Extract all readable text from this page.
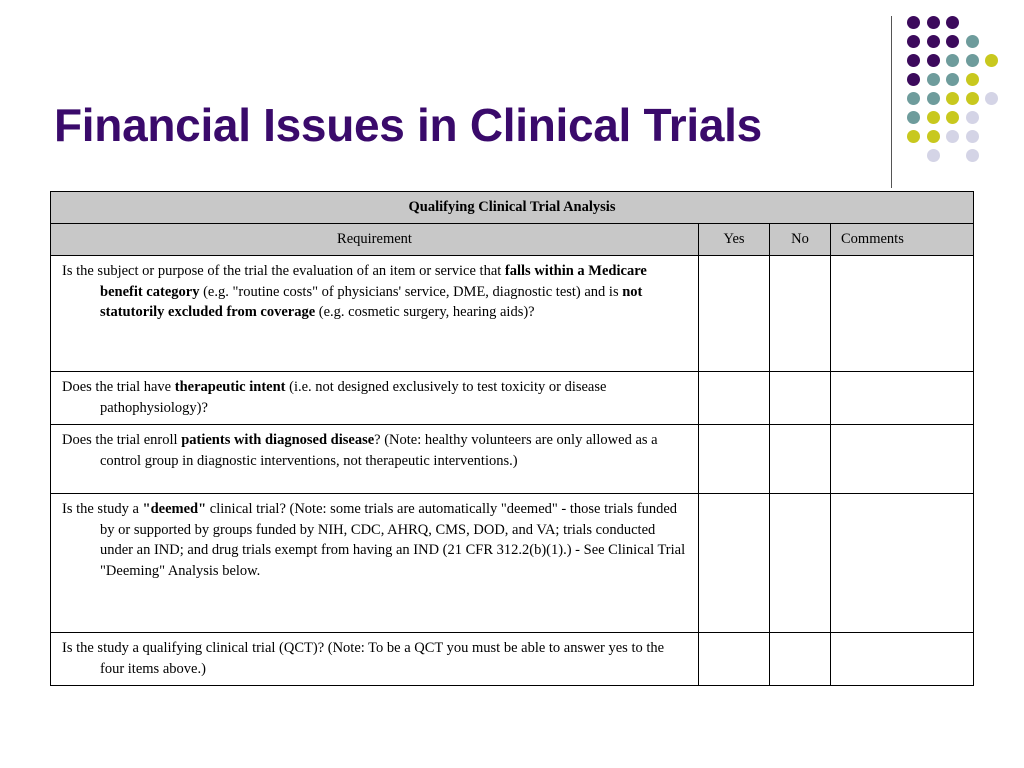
Financial Issues in Clinical Trials
Qualifying Clinical Trial Analysis			
Requirement	Yes	No	Comments

Is the subject or purpose of the trial the evaluation of an item or service that falls within a Medicare benefit category (e.g. "routine costs" of physicians' service, DME, diagnostic test) and is not statutorily excluded from coverage (e.g. cosmetic surgery, hearing aids)?			

Does the trial have therapeutic intent (i.e. not designed exclusively to test toxicity or disease pathophysiology)?			

Does the trial enroll patients with diagnosed disease? (Note: healthy volunteers are only allowed as a control group in diagnostic interventions, not therapeutic interventions.)			

Is the study a "deemed" clinical trial? (Note: some trials are automatically "deemed" - those trials funded by or supported by groups funded by NIH, CDC, AHRQ, CMS, DOD, and VA; trials conducted under an IND; and drug trials exempt from having an IND (21 CFR 312.2(b)(1).) - See Clinical Trial "Deeming" Analysis below.			

Is the study a qualifying clinical trial (QCT)? (Note: To be a QCT you must be able to answer yes to the four items above.)			
